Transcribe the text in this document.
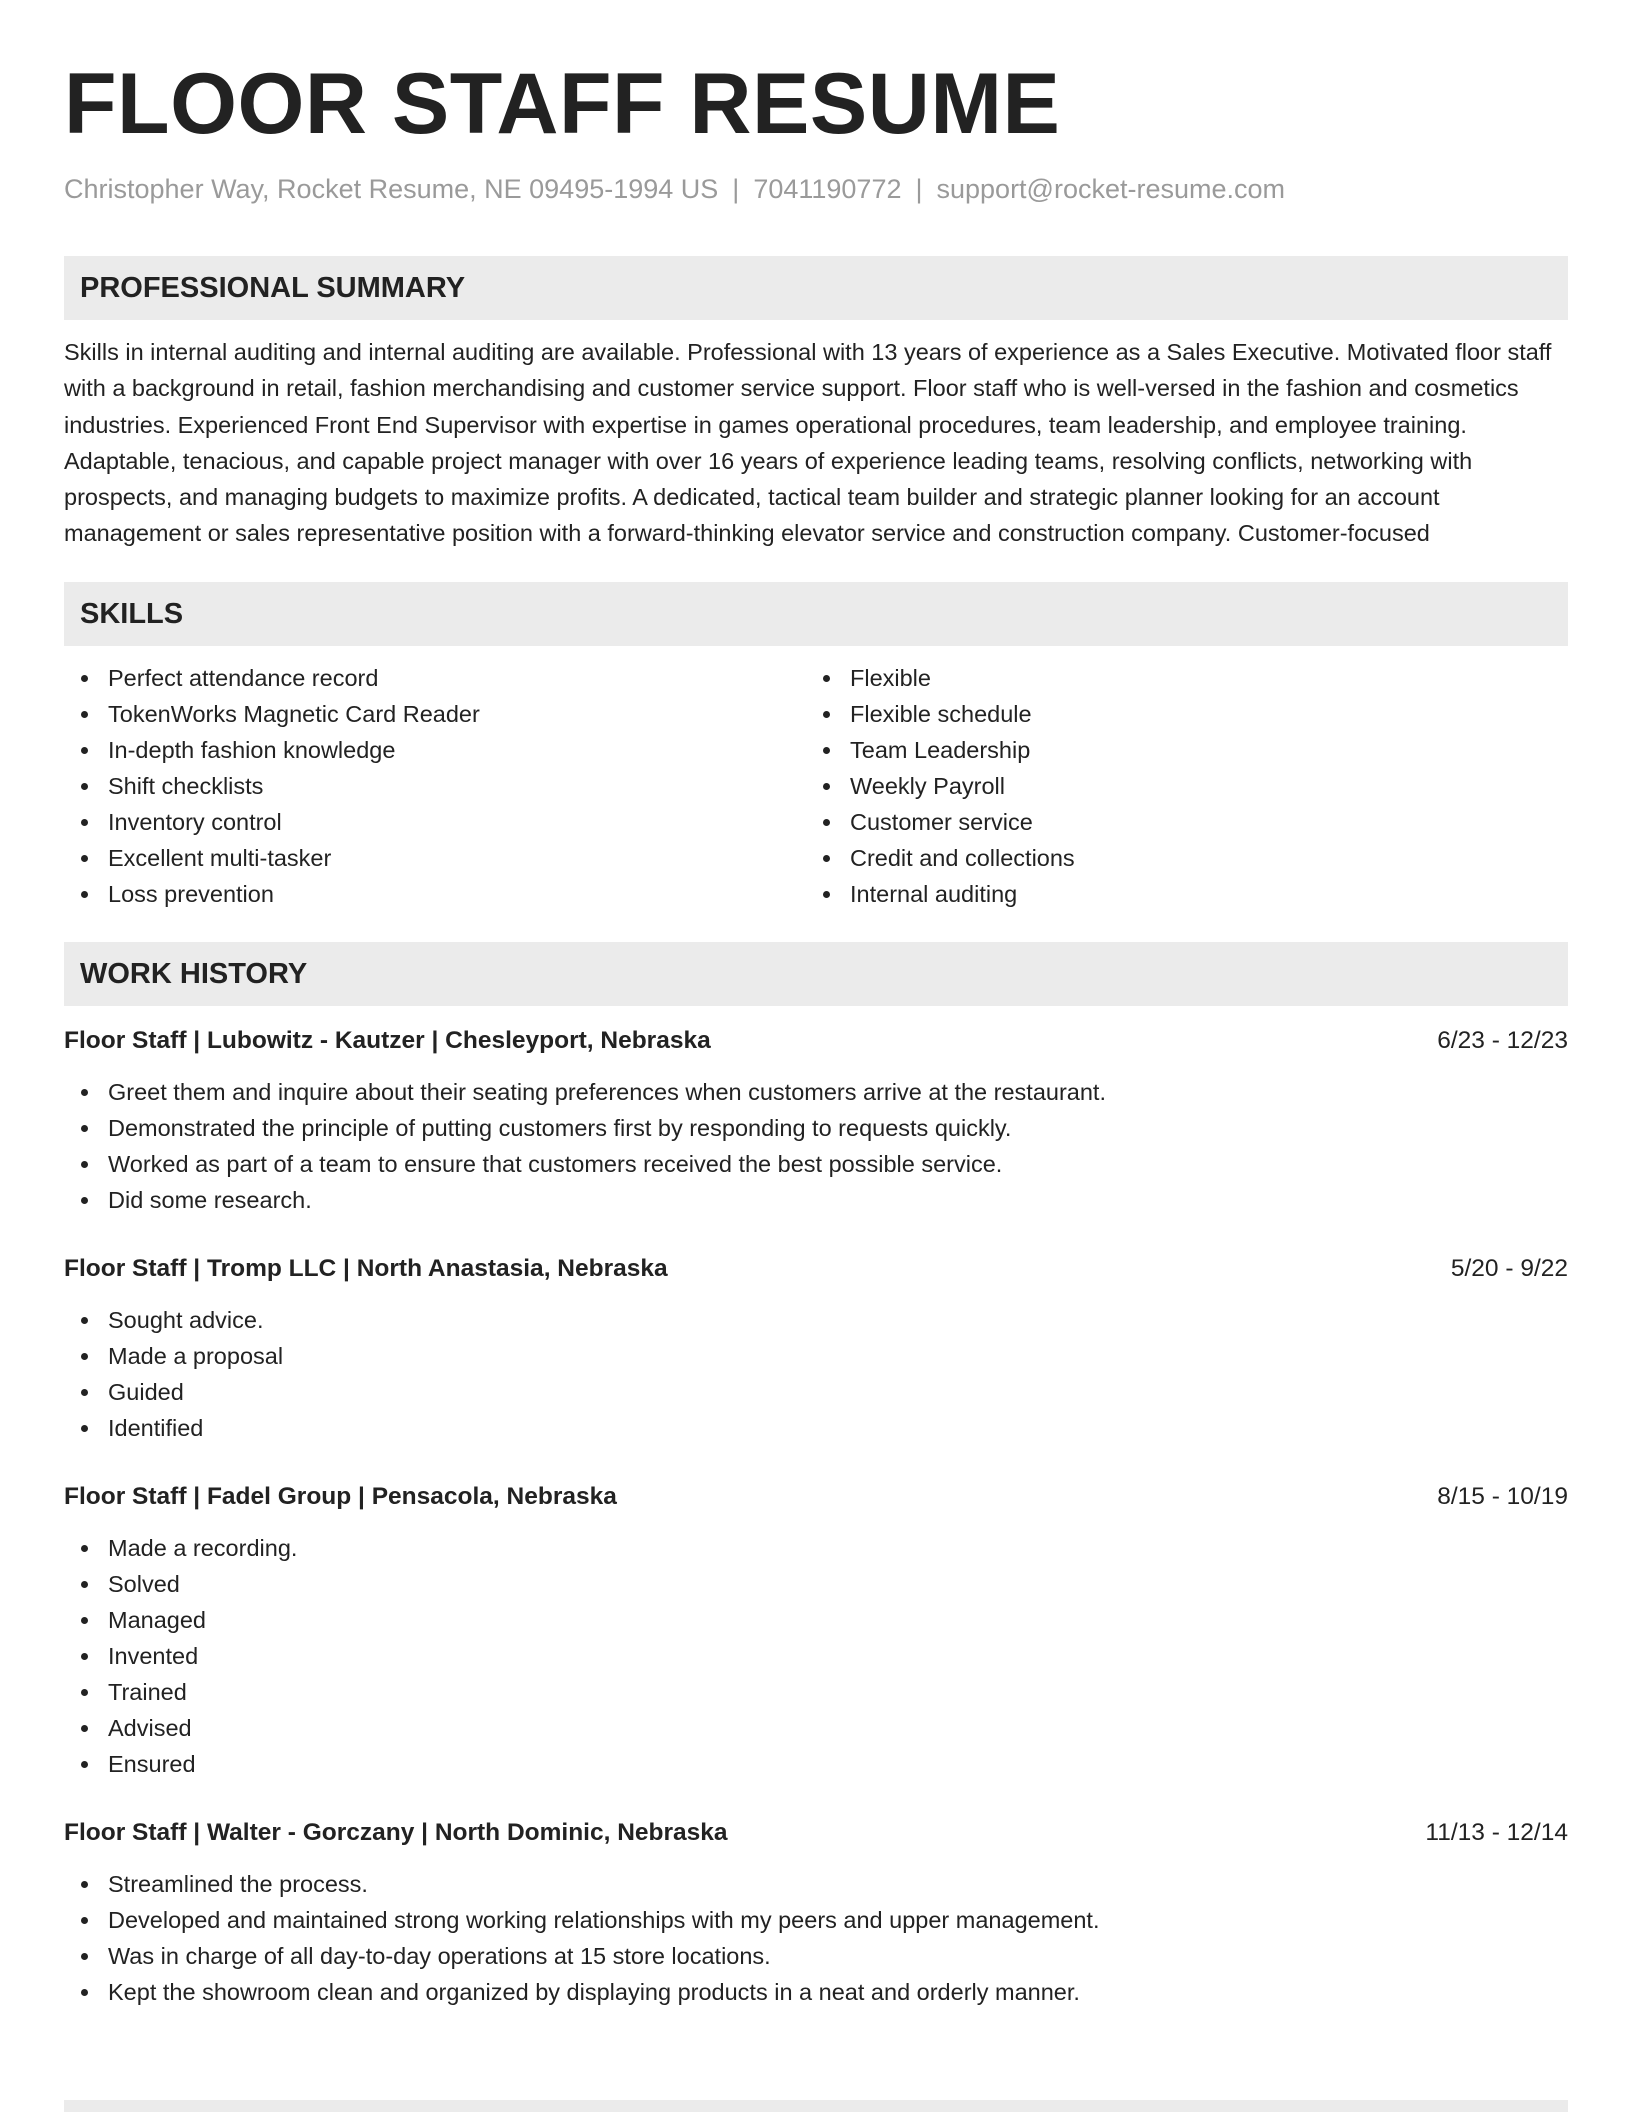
FLOOR STAFF RESUME
Christopher Way, Rocket Resume, NE 09495-1994 US | 7041190772 | support@rocket-resume.com
PROFESSIONAL SUMMARY

Skills in internal auditing and internal auditing are available. Professional with 13 years of experience as a Sales Executive. Motivated floor staff with a background in retail, fashion merchandising and customer service support. Floor staff who is well-versed in the fashion and cosmetics industries. Experienced Front End Supervisor with expertise in games operational procedures, team leadership, and employee training. Adaptable, tenacious, and capable project manager with over 16 years of experience leading teams, resolving conflicts, networking with prospects, and managing budgets to maximize profits. A dedicated, tactical team builder and strategic planner looking for an account management or sales representative position with a forward-thinking elevator service and construction company. Customer-focused

SKILLS
Perfect attendance record
TokenWorks Magnetic Card Reader
In-depth fashion knowledge
Shift checklists
Inventory control
Excellent multi-tasker
Loss prevention
Flexible
Flexible schedule
Team Leadership
Weekly Payroll
Customer service
Credit and collections
Internal auditing
WORK HISTORY
Floor Staff | Lubowitz - Kautzer | Chesleyport, Nebraska	6/23 - 12/23
Greet them and inquire about their seating preferences when customers arrive at the restaurant.
Demonstrated the principle of putting customers first by responding to requests quickly.
Worked as part of a team to ensure that customers received the best possible service.
Did some research.
Floor Staff | Tromp LLC | North Anastasia, Nebraska	5/20 - 9/22
Sought advice.
Made a proposal
Guided
Identified
Floor Staff | Fadel Group | Pensacola, Nebraska	8/15 - 10/19
Made a recording.
Solved
Managed
Invented
Trained
Advised
Ensured
Floor Staff | Walter - Gorczany | North Dominic, Nebraska	11/13 - 12/14
Streamlined the process.
Developed and maintained strong working relationships with my peers and upper management.
Was in charge of all day-to-day operations at 15 store locations.
Kept the showroom clean and organized by displaying products in a neat and orderly manner.
